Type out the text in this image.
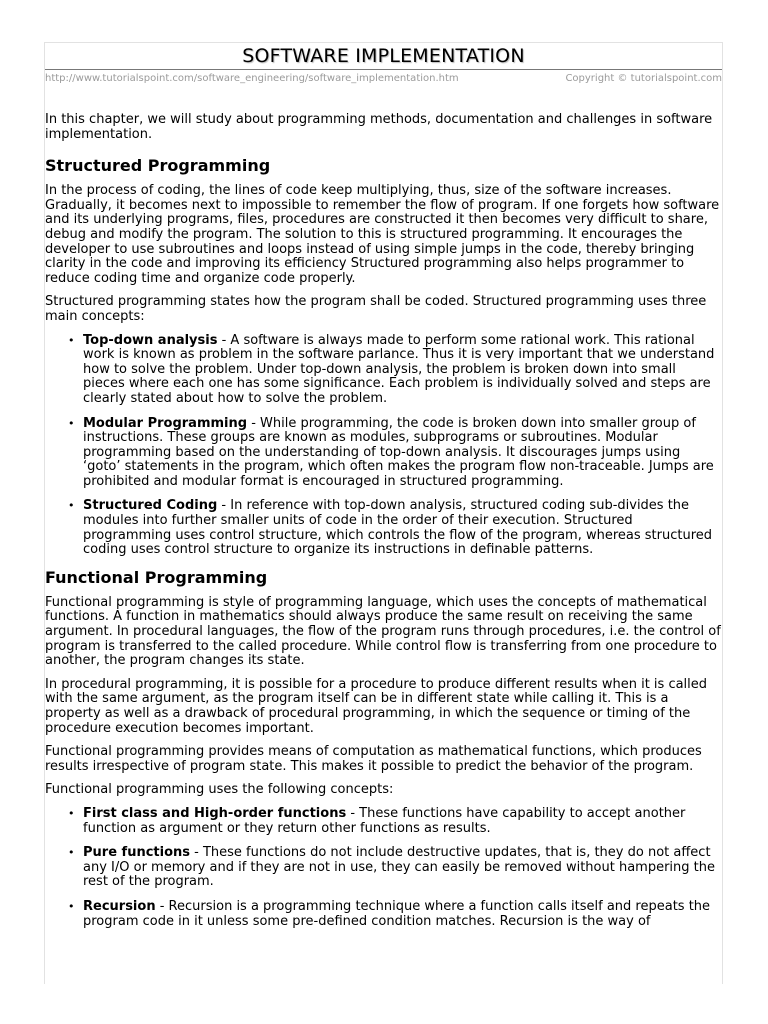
SOFTWARE IMPLEMENTATION
http://www.tutorialspoint.com/software_engineering/software_implementation.htm	Copyright © tutorialspoint.com

In this chapter, we will study about programming methods, documentation and challenges in software implementation.

Structured Programming

In the process of coding, the lines of code keep multiplying, thus, size of the software increases. Gradually, it becomes next to impossible to remember the flow of program. If one forgets how software and its underlying programs, files, procedures are constructed it then becomes very difficult to share, debug and modify the program. The solution to this is structured programming. It encourages the developer to use subroutines and loops instead of using simple jumps in the code, thereby bringing clarity in the code and improving its efficiency Structured programming also helps programmer to reduce coding time and organize code properly.

Structured programming states how the program shall be coded. Structured programming uses three main concepts:

• Top-down analysis - A software is always made to perform some rational work. This rational work is known as problem in the software parlance. Thus it is very important that we understand how to solve the problem. Under top-down analysis, the problem is broken down into small pieces where each one has some significance. Each problem is individually solved and steps are clearly stated about how to solve the problem.
• Modular Programming - While programming, the code is broken down into smaller group of instructions. These groups are known as modules, subprograms or subroutines. Modular programming based on the understanding of top-down analysis. It discourages jumps using ‘goto’ statements in the program, which often makes the program flow non-traceable. Jumps are prohibited and modular format is encouraged in structured programming.
• Structured Coding - In reference with top-down analysis, structured coding sub-divides the modules into further smaller units of code in the order of their execution. Structured programming uses control structure, which controls the flow of the program, whereas structured coding uses control structure to organize its instructions in definable patterns.
Functional Programming

Functional programming is style of programming language, which uses the concepts of mathematical functions. A function in mathematics should always produce the same result on receiving the same argument. In procedural languages, the flow of the program runs through procedures, i.e. the control of program is transferred to the called procedure. While control flow is transferring from one procedure to another, the program changes its state.

In procedural programming, it is possible for a procedure to produce different results when it is called with the same argument, as the program itself can be in different state while calling it. This is a property as well as a drawback of procedural programming, in which the sequence or timing of the procedure execution becomes important.

Functional programming provides means of computation as mathematical functions, which produces results irrespective of program state. This makes it possible to predict the behavior of the program.

Functional programming uses the following concepts:

• First class and High-order functions - These functions have capability to accept another function as argument or they return other functions as results.
• Pure functions - These functions do not include destructive updates, that is, they do not affect any I/O or memory and if they are not in use, they can easily be removed without hampering the rest of the program.
• Recursion - Recursion is a programming technique where a function calls itself and repeats the program code in it unless some pre-defined condition matches. Recursion is the way of
